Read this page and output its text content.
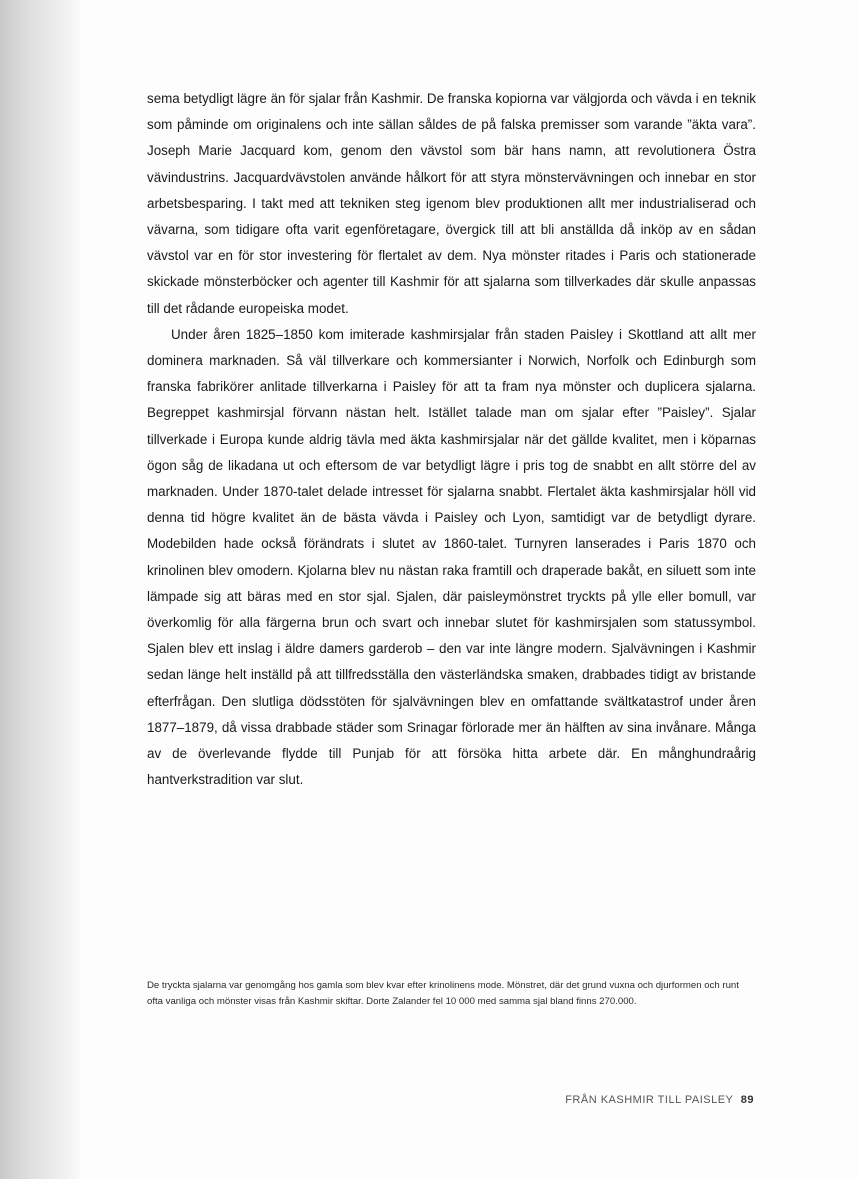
sema betydligt lägre än för sjalar från Kashmir. De franska kopiorna var välgjorda och vävda i en teknik som påminde om originalens och inte sällan såldes de på falska premisser som varande ”äkta vara”. Joseph Marie Jacquard kom, genom den vävstol som bär hans namn, att revolutionera Östra vävindustrins. Jacquardvävstolen använde hålkort för att styra mönstervävningen och innebar en stor arbetsbesparing. I takt med att tekniken steg igenom blev produktionen allt mer industrialiserad och vävarna, som tidigare ofta varit egenföretagare, övergick till att bli anställda då inköp av en sådan vävstol var en för stor investering för flertalet av dem. Nya mönster ritades i Paris och stationerade skickade mönsterböcker och agenter till Kashmir för att sjalarna som tillverkades där skulle anpassas till det rådande europeiska modet.

Under åren 1825–1850 kom imiterade kashmirsjalar från staden Paisley i Skottland att allt mer dominera marknaden. Så väl tillverkare och kommersianter i Norwich, Norfolk och Edinburgh som franska fabrikörer anlitade tillverkarna i Paisley för att ta fram nya mönster och duplicera sjalarna. Begreppet kashmirsjal förvann nästan helt. Istället talade man om sjalar efter ”Paisley”. Sjalar tillverkade i Europa kunde aldrig tävla med äkta kashmirsjalar när det gällde kvalitet, men i köparnas ögon såg de likadana ut och eftersom de var betydligt lägre i pris tog de snabbt en allt större del av marknaden. Under 1870-talet delade intresset för sjalarna snabbt. Flertalet äkta kashmirsjalar höll vid denna tid högre kvalitet än de bästa vävda i Paisley och Lyon, samtidigt var de betydligt dyrare. Modebilden hade också förändrats i slutet av 1860-talet. Turnyren lanserades i Paris 1870 och krinolinen blev omodern. Kjolarna blev nu nästan raka framtill och draperade bakåt, en siluett som inte lämpade sig att bäras med en stor sjal. Sjalen, där paisleymönstret tryckts på ylle eller bomull, var överkomlig för alla färgerna brun och svart och innebar slutet för kashmirsjalen som statussymbol. Sjalen blev ett inslag i äldre damers garderob – den var inte längre modern. Sjalvävningen i Kashmir sedan länge helt inställd på att tillfredsställa den västerländska smaken, drabbades tidigt av bristande efterfrågan. Den slutliga dödsstöten för sjalvävningen blev en omfattande svältkatastrof under åren 1877–1879, då vissa drabbade städer som Srinagar förlorade mer än hälften av sina invånare. Många av de överlevande flydde till Punjab för att försöka hitta arbete där. En månghundraårig hantverkstradition var slut.

De tryckta sjalarna var genomgång hos gamla som blev kvar efter krinolinens mode. Mönstret, där det grund vuxna och djurformen och runt ofta vanliga och mönster visas från Kashmir skiftar. Dorte Zalander fel 10 000 med samma sjal bland finns 270.000.
FRÅN KASHMIR TILL PAISLEY 89
